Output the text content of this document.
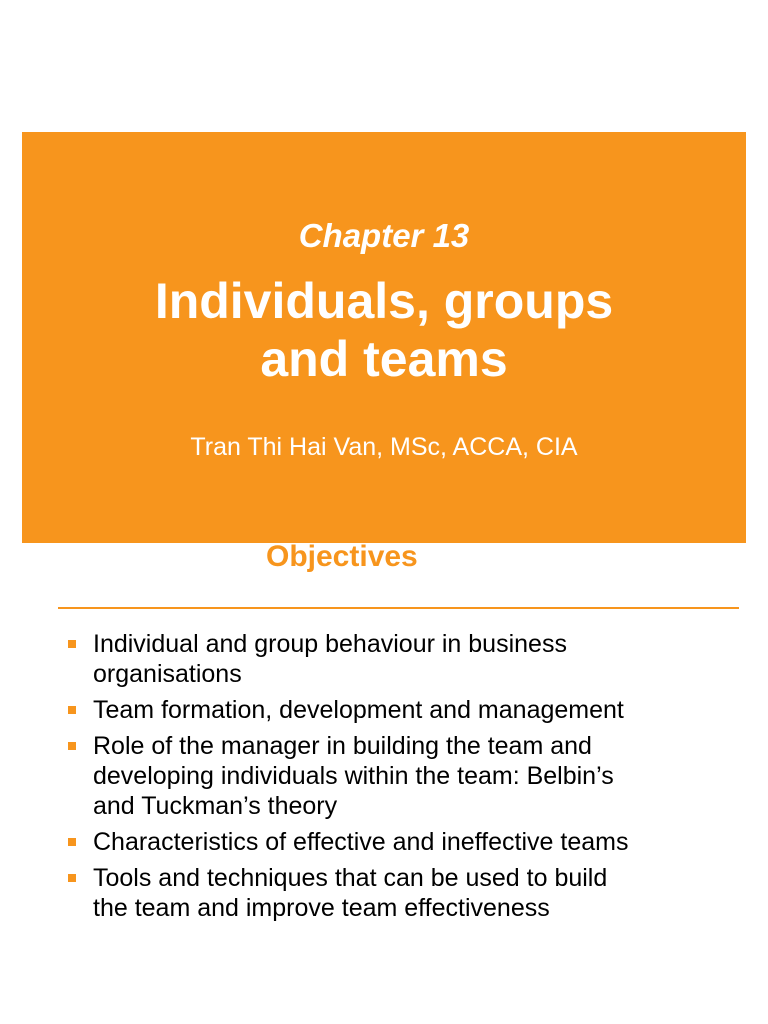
Chapter 13
Individuals, groups
and teams
Tran Thi Hai Van, MSc, ACCA, CIA
Objectives
Individual and group behaviour in business
organisations
Team formation, development and management
Role of the manager in building the team and
developing individuals within the team: Belbin’s
and Tuckman’s theory
Characteristics of effective and ineffective teams
Tools and techniques that can be used to build
the team and improve team effectiveness
